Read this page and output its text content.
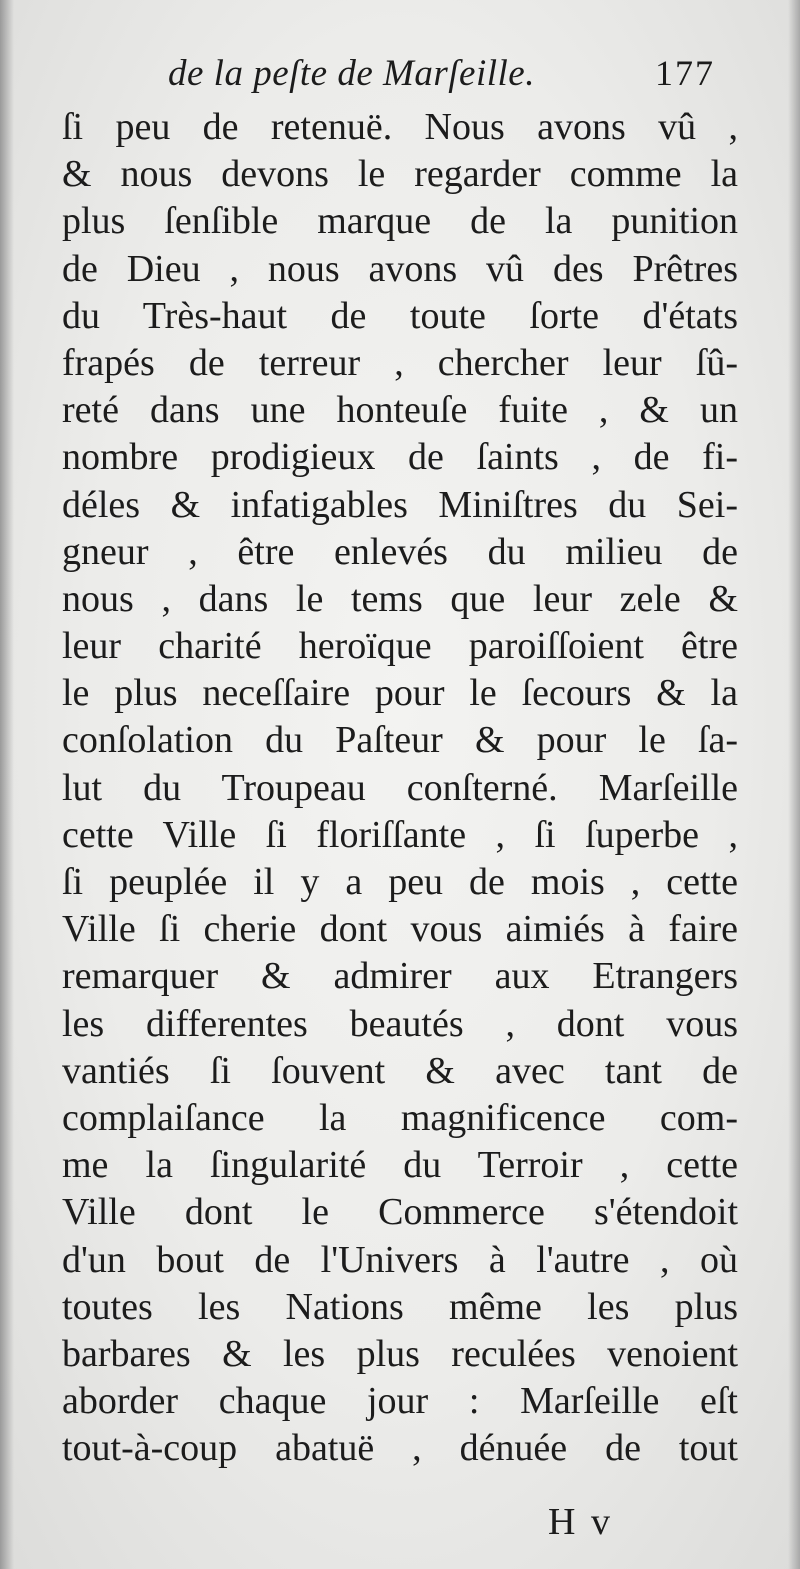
de la peſte de Marſeille.	177
ſi peu de retenuë. Nous avons vû ,
& nous devons le regarder comme la
plus ſenſible marque de la punition
de Dieu , nous avons vû des Prêtres
du Très-haut de toute ſorte d'états
frapés de terreur , chercher leur ſû-
reté dans une honteuſe fuite , & un
nombre prodigieux de ſaints , de fi-
déles & infatigables Miniſtres du Sei-
gneur , être enlevés du milieu de
nous , dans le tems que leur zele &
leur charité heroïque paroiſſoient être
le plus neceſſaire pour le ſecours & la
conſolation du Paſteur & pour le ſa-
lut du Troupeau conſterné. Marſeille
cette Ville ſi floriſſante , ſi ſuperbe ,
ſi peuplée il y a peu de mois , cette
Ville ſi cherie dont vous aimiés à faire
remarquer & admirer aux Etrangers
les differentes beautés , dont vous
vantiés ſi ſouvent & avec tant de
complaiſance la magnificence com-
me la ſingularité du Terroir , cette
Ville dont le Commerce s'étendoit
d'un bout de l'Univers à l'autre , où
toutes les Nations même les plus
barbares & les plus reculées venoient
aborder chaque jour : Marſeille eſt
tout-à-coup abatuë , dénuée de tout
H v
